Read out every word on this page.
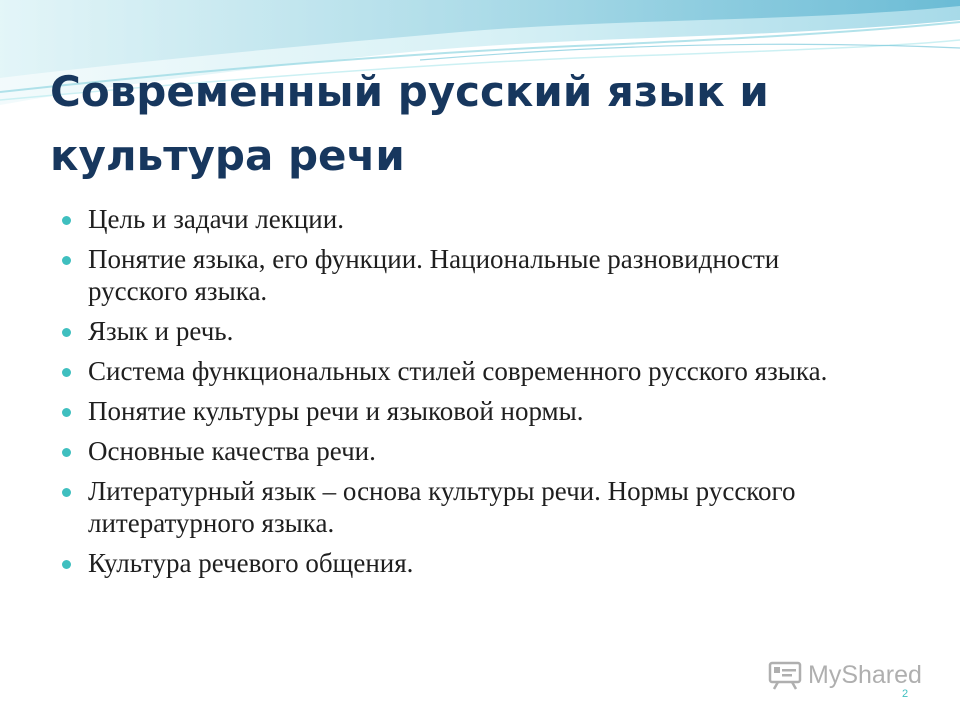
Современный русский язык и культура речи
Цель и задачи лекции.
Понятие языка, его функции. Национальные разновидности русского языка.
Язык и речь.
Система функциональных стилей современного русского языка.
Понятие культуры речи и языковой нормы.
Основные качества речи.
Литературный язык – основа культуры речи. Нормы русского литературного языка.
Культура речевого общения.
MyShared
2
